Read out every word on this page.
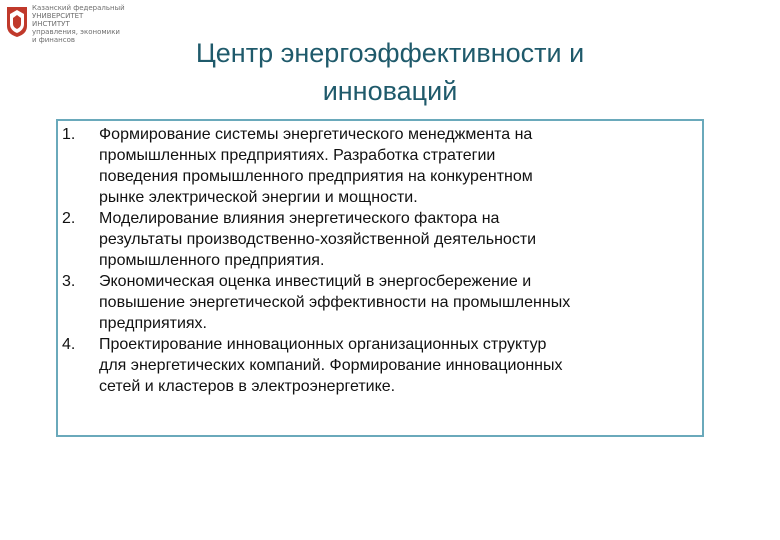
Казанский федеральный
УНИВЕРСИТЕТ
ИНСТИТУТ
управления, экономики
и финансов	Центр энергоэффективности и
инноваций
1.	Формирование системы энергетического менеджмента на
промышленных предприятиях. Разработка стратегии
поведения промышленного предприятия на конкурентном
рынке электрической энергии и мощности.
2.	Моделирование влияния энергетического фактора на
результаты производственно-хозяйственной деятельности
промышленного предприятия.
3.	Экономическая оценка инвестиций в энергосбережение и
повышение энергетической эффективности на промышленных
предприятиях.
4.	Проектирование инновационных организационных структур
для энергетических компаний. Формирование инновационных
сетей и кластеров в электроэнергетике.
